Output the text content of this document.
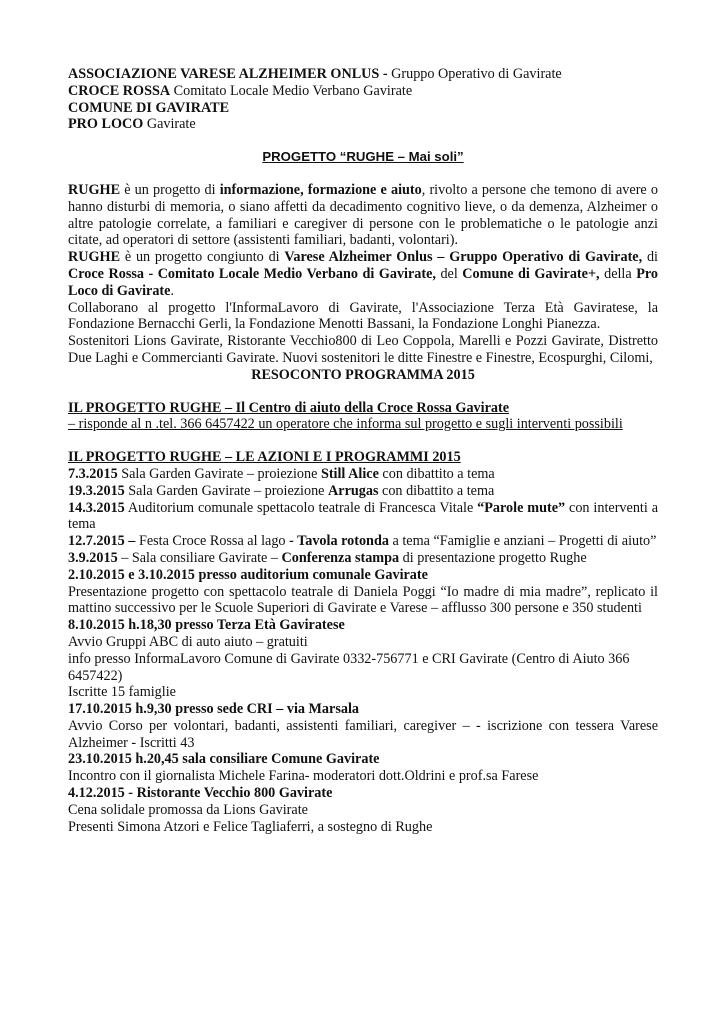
ASSOCIAZIONE VARESE ALZHEIMER ONLUS - Gruppo Operativo di Gavirate

CROCE ROSSA Comitato Locale Medio Verbano Gavirate

COMUNE DI GAVIRATE

PRO LOCO Gavirate

PROGETTO “RUGHE – Mai soli”

RUGHE è un progetto di informazione, formazione e aiuto, rivolto a persone che temono di avere o hanno disturbi di memoria, o siano affetti da decadimento cognitivo lieve, o da demenza, Alzheimer o altre patologie correlate, a familiari e caregiver di persone con le problematiche o le patologie anzi citate, ad operatori di settore (assistenti familiari, badanti, volontari).

RUGHE è un progetto congiunto di Varese Alzheimer Onlus – Gruppo Operativo di Gavirate, di Croce Rossa - Comitato Locale Medio Verbano di Gavirate, del Comune di Gavirate+, della Pro Loco di Gavirate.

Collaborano al progetto l'InformaLavoro di Gavirate, l'Associazione Terza Età Gaviratese, la Fondazione Bernacchi Gerli, la Fondazione Menotti Bassani, la Fondazione Longhi Pianezza.

Sostenitori Lions Gavirate, Ristorante Vecchio800 di Leo Coppola, Marelli e Pozzi Gavirate, Distretto Due Laghi e Commercianti Gavirate. Nuovi sostenitori le ditte Finestre e Finestre, Ecospurghi, Cilomi,

RESOCONTO PROGRAMMA 2015

IL PROGETTO RUGHE – Il Centro di aiuto della Croce Rossa Gavirate

– risponde al n .tel. 366 6457422 un operatore che informa sul progetto e sugli interventi possibili

IL PROGETTO RUGHE – LE AZIONI E I PROGRAMMI 2015

7.3.2015 Sala Garden Gavirate – proiezione Still Alice con dibattito a tema

19.3.2015 Sala Garden Gavirate – proiezione Arrugas con dibattito a tema

14.3.2015 Auditorium comunale spettacolo teatrale di Francesca Vitale “Parole mute” con interventi a tema

12.7.2015 – Festa Croce Rossa al lago - Tavola rotonda a tema “Famiglie e anziani – Progetti di aiuto”

3.9.2015 – Sala consiliare Gavirate – Conferenza stampa di presentazione progetto Rughe

2.10.2015 e 3.10.2015 presso auditorium comunale Gavirate

Presentazione progetto con spettacolo teatrale di Daniela Poggi “Io madre di mia madre”, replicato il mattino successivo per le Scuole Superiori di Gavirate e Varese – afflusso 300 persone e 350 studenti

8.10.2015 h.18,30 presso Terza Età Gaviratese

Avvio Gruppi ABC di auto aiuto – gratuiti

info presso InformaLavoro Comune di Gavirate 0332-756771 e CRI Gavirate (Centro di Aiuto 366 6457422)

Iscritte 15 famiglie

17.10.2015 h.9,30 presso sede CRI – via Marsala

Avvio Corso per volontari, badanti, assistenti familiari, caregiver – - iscrizione con tessera Varese Alzheimer - Iscritti 43

23.10.2015 h.20,45 sala consiliare Comune Gavirate

Incontro con il giornalista Michele Farina- moderatori dott.Oldrini e prof.sa Farese

4.12.2015 - Ristorante Vecchio 800 Gavirate

Cena solidale promossa da Lions Gavirate

Presenti Simona Atzori e Felice Tagliaferri, a sostegno di Rughe
